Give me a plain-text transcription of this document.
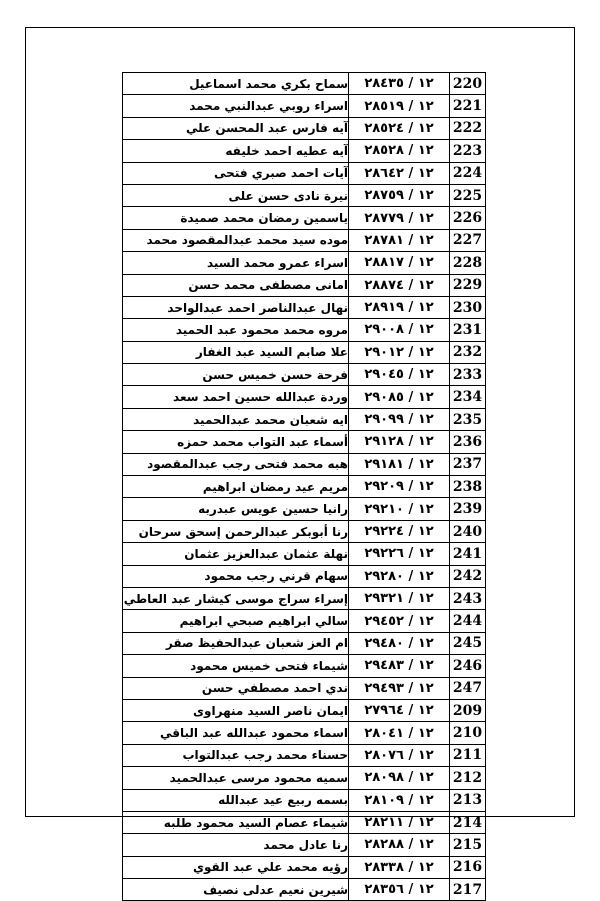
سماح بكري محمد اسماعيل	١٢ / ٢٨٤٣٥	220
اسراء روبي عبدالنبي محمد	١٢ / ٢٨٥١٩	221
آيه فارس عبد المحسن علي	١٢ / ٢٨٥٢٤	222
آيه عطيه احمد خليفه	١٢ / ٢٨٥٢٨	223
آيات احمد صبري فتحى	١٢ / ٢٨٦٤٢	224
نيرة نادى حسن على	١٢ / ٢٨٧٥٩	225
ياسمين رمضان محمد صميدة	١٢ / ٢٨٧٧٩	226
موده سيد محمد عبدالمقصود محمد	١٢ / ٢٨٧٨١	227
اسراء عمرو محمد السيد	١٢ / ٢٨٨١٧	228
امانى مصطفى محمد حسن	١٢ / ٢٨٨٧٤	229
نهال عبدالناصر احمد عبدالواحد	١٢ / ٢٨٩١٩	230
مروه محمد محمود عبد الحميد	١٢ / ٢٩٠٠٨	231
علا صابم السيد عبد الغفار	١٢ / ٢٩٠١٢	232
فرحة حسن خميس حسن	١٢ / ٢٩٠٤٥	233
وردة عبدالله حسين احمد سعد	١٢ / ٢٩٠٨٥	234
ايه شعبان محمد عبدالحميد	١٢ / ٢٩٠٩٩	235
أسماء عبد التواب محمد حمزه	١٢ / ٢٩١٢٨	236
هبه محمد فتحى رجب عبدالمقصود	١٢ / ٢٩١٨١	237
مريم عيد رمضان ابراهيم	١٢ / ٢٩٢٠٩	238
رانيا حسين عويس عبدربه	١٢ / ٢٩٢١٠	239
رنا أبوبكر عبدالرحمن إسحق سرحان	١٢ / ٢٩٢٢٤	240
نهلة عثمان عبدالعزيز عثمان	١٢ / ٢٩٢٢٦	241
سهام قرني رجب محمود	١٢ / ٢٩٢٨٠	242
إسراء سراج موسى كيشار عبد العاطي	١٢ / ٢٩٣٢١	243
سالي ابراهيم صبحي ابراهيم	١٢ / ٢٩٤٥٢	244
ام العز شعبان عبدالحفيظ صقر	١٢ / ٢٩٤٨٠	245
شيماء فتحى خميس محمود	١٢ / ٢٩٤٨٣	246
ندي احمد مصطفي حسن	١٢ / ٢٩٤٩٣	247
ايمان ناصر السيد منهراوى	١٢ / ٢٧٩٦٤	209
اسماء محمود عبدالله عبد الباقي	١٢ / ٢٨٠٤١	210
حسناء محمد رجب عبدالتواب	١٢ / ٢٨٠٧٦	211
سميه محمود مرسى عبدالحميد	١٢ / ٢٨٠٩٨	212
بسمه ربيع عيد عبدالله	١٢ / ٢٨١٠٩	213
شيماء عصام السيد محمود طلبه	١٢ / ٢٨٢١١	214
رنا عادل محمد	١٢ / ٢٨٢٨٨	215
رؤيه محمد علي عبد القوي	١٢ / ٢٨٣٣٨	216
شيرين نعيم عدلى نصيف	١٢ / ٢٨٣٥٦	217
